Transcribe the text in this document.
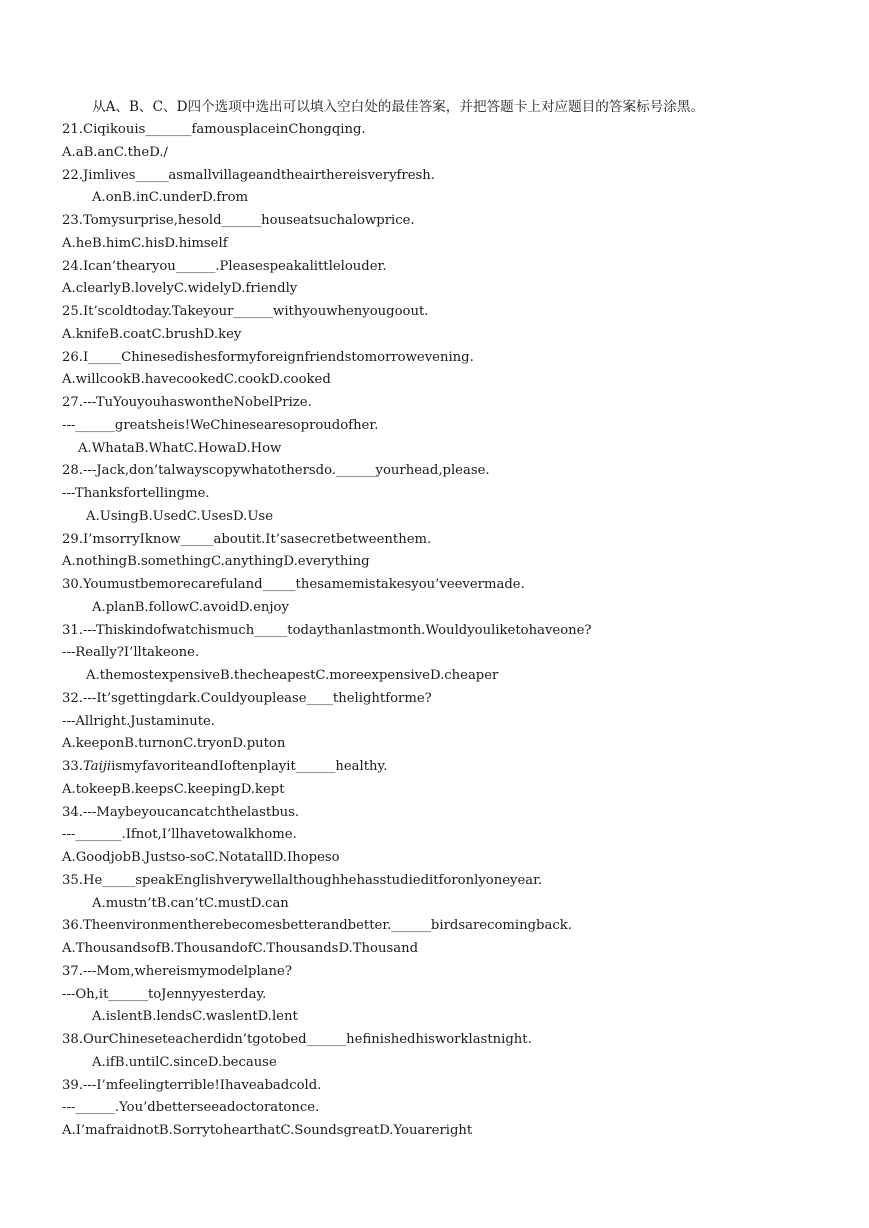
从A、B、C、D四个选项中选出可以填入空白处的最佳答案，并把答题卡上对应题目的答案标号涂黑。
21.Ciqikouis_______famousplaceinChongqing.
A.aB.anC.theD./
22.Jimlives_____asmallvillageandtheairthereisveryfresh.
A.onB.inC.underD.from
23.Tomysurprise,hesold______houseatsuchalowprice.
A.heB.himC.hisD.himself
24.Ican’thearyou______.Pleasespeakalittlelouder.
A.clearlyB.lovelyC.widelyD.friendly
25.It’scoldtoday.Takeyour______withyouwhenyougoout.
A.knifeB.coatC.brushD.key
26.I_____Chinesedishesformyforeignfriendstomorrowevening.
A.willcookB.havecookedC.cookD.cooked
27.---TuYouyouhaswontheNobelPrize.
---______greatsheis!WeChinesearesoproudofher.
A.WhataB.WhatC.HowaD.How
28.---Jack,don’talwayscopywhatothersdo.______yourhead,please.
---Thanksfortellingme.
A.UsingB.UsedC.UsesD.Use
29.I’msorryIknow_____aboutit.It’sasecretbetweenthem.
A.nothingB.somethingC.anythingD.everything
30.Youmustbemorecarefuland_____thesamemistakesyou’veevermade.
A.planB.followC.avoidD.enjoy
31.---Thiskindofwatchismuch_____todaythanlastmonth.Wouldyouliketohaveone?
---Really?I’lltakeone.
A.themostexpensiveB.thecheapestC.moreexpensiveD.cheaper
32.---It’sgettingdark.Couldyouplease____thelightforme?
---Allright.Justaminute.
A.keeponB.turnonC.tryonD.puton
33.TaijiismyfavoriteandIoftenplayit______healthy.
A.tokeepB.keepsC.keepingD.kept
34.---Maybeyoucancatchthelastbus.
---_______.Ifnot,I’llhavetowalkhome.
A.GoodjobB.Justso-soC.NotatallD.Ihopeso
35.He_____speakEnglishverywellalthoughhehasstudieditforonlyoneyear.
A.mustn’tB.can’tC.mustD.can
36.Theenvironmentherebecomesbetterandbetter.______birdsarecomingback.
A.ThousandsofB.ThousandofC.ThousandsD.Thousand
37.---Mom,whereismymodelplane?
---Oh,it______toJennyyesterday.
A.islentB.lendsC.waslentD.lent
38.OurChineseteacherdidn’tgotobed______hefinishedhisworklastnight.
A.ifB.untilC.sinceD.because
39.---I’mfeelingterrible!Ihaveabadcold.
---______.You’dbetterseeadoctoratonce.
A.I’mafraidnotB.SorrytohearthatC.SoundsgreatD.Youareright
